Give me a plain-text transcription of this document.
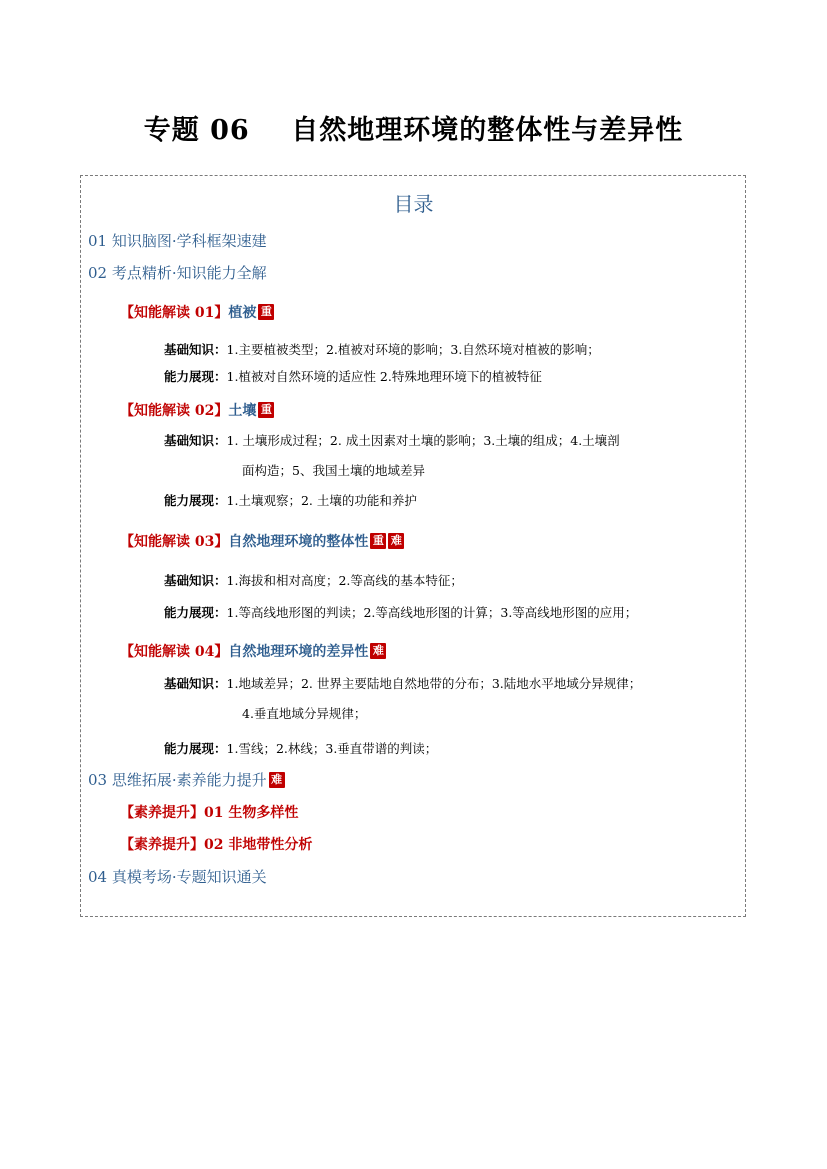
专题 06    自然地理环境的整体性与差异性
目录
01 知识脑图·学科框架速建
02 考点精析·知识能力全解
【知能解读 01】植被 重
基础知识：1.主要植被类型；2.植被对环境的影响；3.自然环境对植被的影响；
能力展现：1.植被对自然环境的适应性 2.特殊地理环境下的植被特征
【知能解读 02】土壤 重
基础知识：1. 土壤形成过程；2. 成土因素对土壤的影响；3.土壤的组成；4.土壤剖
面构造；5、我国土壤的地域差异
能力展现：1.土壤观察；2. 土壤的功能和养护
【知能解读 03】自然地理环境的整体性 重 难
基础知识：1.海拔和相对高度；2.等高线的基本特征；
能力展现：1.等高线地形图的判读；2.等高线地形图的计算；3.等高线地形图的应用；
【知能解读 04】自然地理环境的差异性 难
基础知识：1.地域差异；2. 世界主要陆地自然地带的分布；3.陆地水平地域分异规律；
4.垂直地域分异规律；
能力展现：1.雪线；2.林线；3.垂直带谱的判读；
03 思维拓展·素养能力提升 难
【素养提升】01 生物多样性
【素养提升】02 非地带性分析
04 真模考场·专题知识通关
